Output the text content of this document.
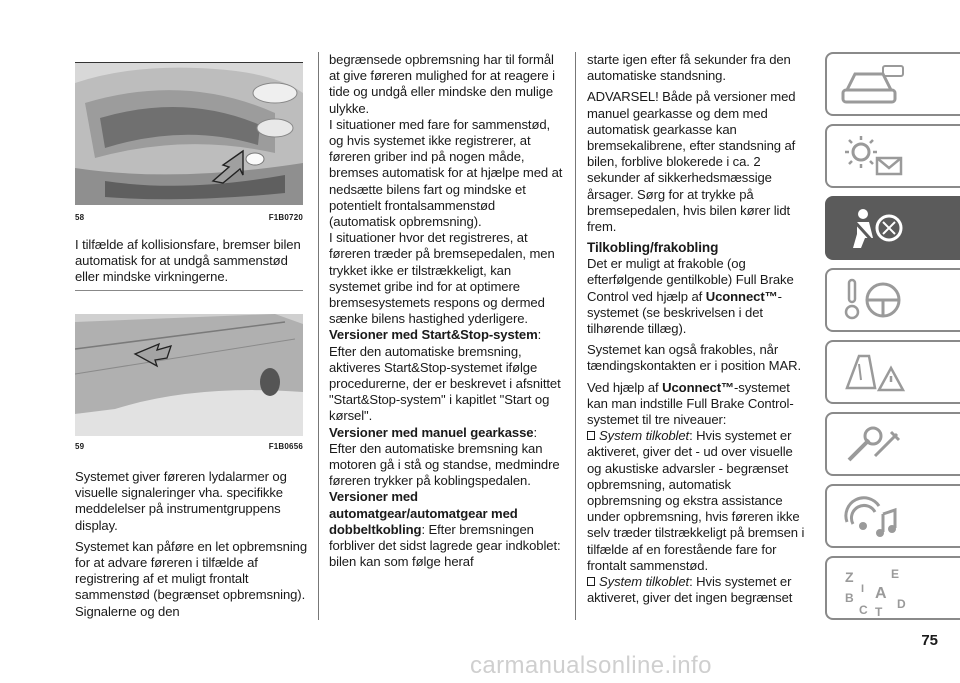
58	F1B0720

I tilfælde af kollisionsfare, bremser bilen automatisk for at undgå sammenstød eller mindske virkningerne.

59	F1B0656

Systemet giver føreren lydalarmer og visuelle signaleringer vha. specifikke meddelelser på instrumentgruppens display.

Systemet kan påføre en let opbremsning for at advare føreren i tilfælde af registrering af et muligt frontalt sammenstød (begrænset opbremsning). Signalerne og den

begrænsede opbremsning har til formål at give føreren mulighed for at reagere i tide og undgå eller mindske den mulige ulykke.

I situationer med fare for sammenstød, og hvis systemet ikke registrerer, at føreren griber ind på nogen måde, bremses automatisk for at hjælpe med at nedsætte bilens fart og mindske et potentielt frontalsammenstød (automatisk opbremsning).

I situationer hvor det registreres, at føreren træder på bremsepedalen, men trykket ikke er tilstrækkeligt, kan systemet gribe ind for at optimere bremsesystemets respons og dermed sænke bilens hastighed yderligere.

Versioner med Start&Stop-system:
Efter den automatiske bremsning, aktiveres Start&Stop-systemet ifølge procedurerne, der er beskrevet i afsnittet "Start&Stop-system" i kapitlet "Start og kørsel".

Versioner med manuel gearkasse:
Efter den automatiske bremsning kan motoren gå i stå og standse, medmindre føreren trykker på koblingspedalen.

Versioner med automatgear/automatgear med dobbeltkobling: Efter bremsningen forbliver det sidst lagrede gear indkoblet: bilen kan som følge heraf

starte igen efter få sekunder fra den automatiske standsning.

ADVARSEL! Både på versioner med manuel gearkasse og dem med automatisk gearkasse kan bremsekalibrene, efter standsning af bilen, forblive blokerede i ca. 2 sekunder af sikkerhedsmæssige årsager. Sørg for at trykke på bremsepedalen, hvis bilen kører lidt frem.

Tilkobling/frakobling

Det er muligt at frakoble (og efterfølgende gentilkoble) Full Brake Control ved hjælp af Uconnect™-systemet (se beskrivelsen i det tilhørende tillæg).

Systemet kan også frakobles, når tændingskontakten er i position MAR.

Ved hjælp af Uconnect™-systemet kan man indstille Full Brake Control-systemet til tre niveauer:

System tilkoblet: Hvis systemet er aktiveret, giver det - ud over visuelle og akustiske advarsler - begrænset opbremsning, automatisk opbremsning og ekstra assistance under opbremsning, hvis føreren ikke selv træder tilstrækkeligt på bremsen i tilfælde af en forestående fare for frontalt sammenstød.

System tilkoblet: Hvis systemet er aktiveret, giver det ingen begrænset

Z	E
A
B
C T
D
I
75
carmanualsonline.info
